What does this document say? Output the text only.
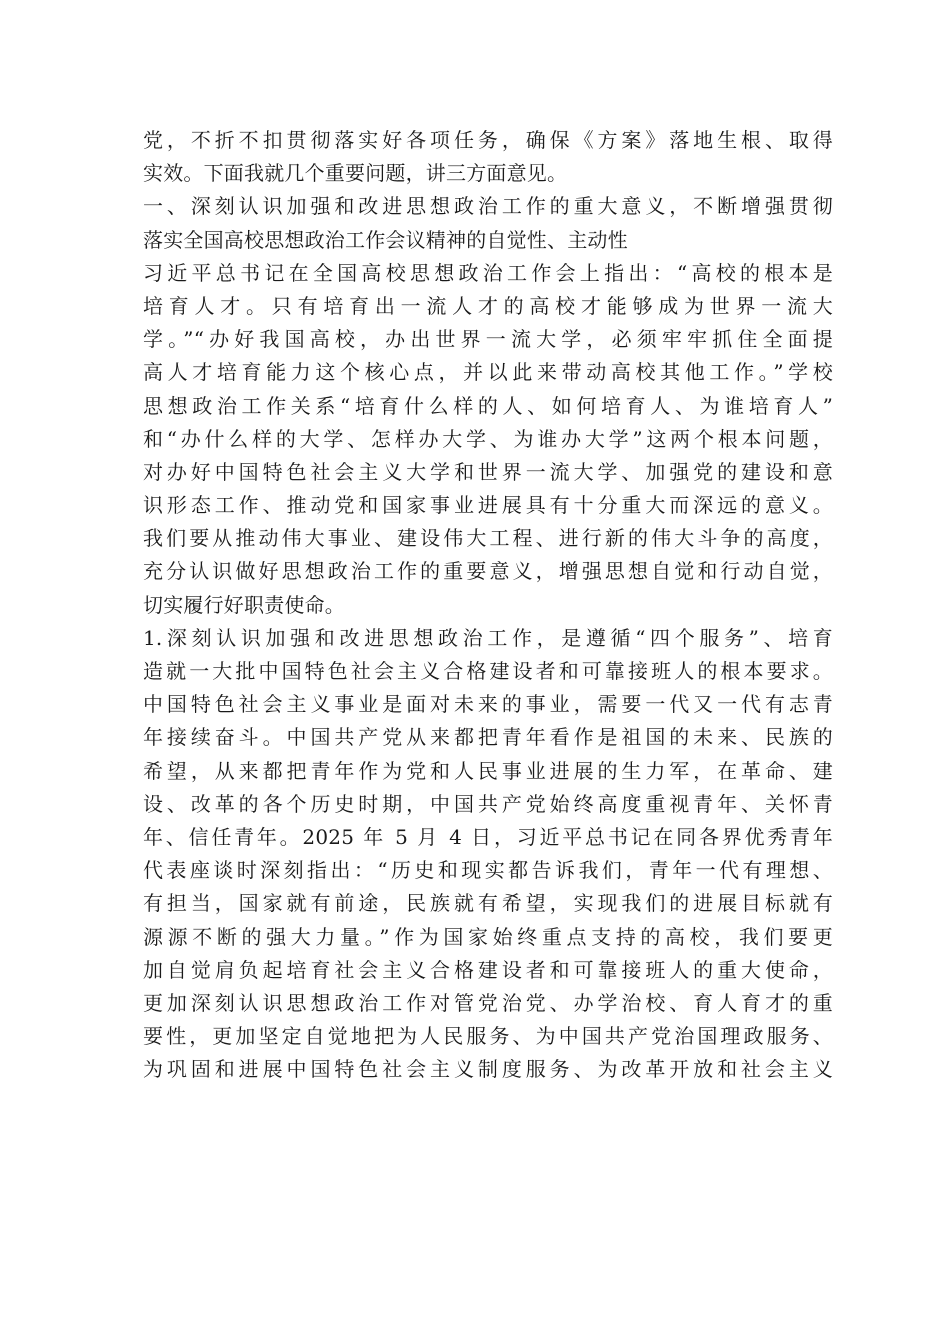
党，不折不扣贯彻落实好各项任务，确保《方案》落地生根、取得
实效。下面我就几个重要问题，讲三方面意见。
一、深刻认识加强和改进思想政治工作的重大意义，不断增强贯彻
落实全国高校思想政治工作会议精神的自觉性、主动性
习近平总书记在全国高校思想政治工作会上指出：“高校的根本是
培育人才。只有培育出一流人才的高校才能够成为世界一流大
学。”“办好我国高校，办出世界一流大学，必须牢牢抓住全面提
高人才培育能力这个核心点，并以此来带动高校其他工作。”学校
思想政治工作关系“培育什么样的人、如何培育人、为谁培育人”
和“办什么样的大学、怎样办大学、为谁办大学”这两个根本问题，
对办好中国特色社会主义大学和世界一流大学、加强党的建设和意
识形态工作、推动党和国家事业进展具有十分重大而深远的意义。
我们要从推动伟大事业、建设伟大工程、进行新的伟大斗争的高度，
充分认识做好思想政治工作的重要意义，增强思想自觉和行动自觉，
切实履行好职责使命。
1.深刻认识加强和改进思想政治工作，是遵循“四个服务”、培育
造就一大批中国特色社会主义合格建设者和可靠接班人的根本要求。
中国特色社会主义事业是面对未来的事业，需要一代又一代有志青
年接续奋斗。中国共产党从来都把青年看作是祖国的未来、民族的
希望，从来都把青年作为党和人民事业进展的生力军，在革命、建
设、改革的各个历史时期，中国共产党始终高度重视青年、关怀青
年、信任青年。2025 年 5 月 4 日，习近平总书记在同各界优秀青年
代表座谈时深刻指出：“历史和现实都告诉我们，青年一代有理想、
有担当，国家就有前途，民族就有希望，实现我们的进展目标就有
源源不断的强大力量。”作为国家始终重点支持的高校，我们要更
加自觉肩负起培育社会主义合格建设者和可靠接班人的重大使命，
更加深刻认识思想政治工作对管党治党、办学治校、育人育才的重
要性，更加坚定自觉地把为人民服务、为中国共产党治国理政服务、
为巩固和进展中国特色社会主义制度服务、为改革开放和社会主义
